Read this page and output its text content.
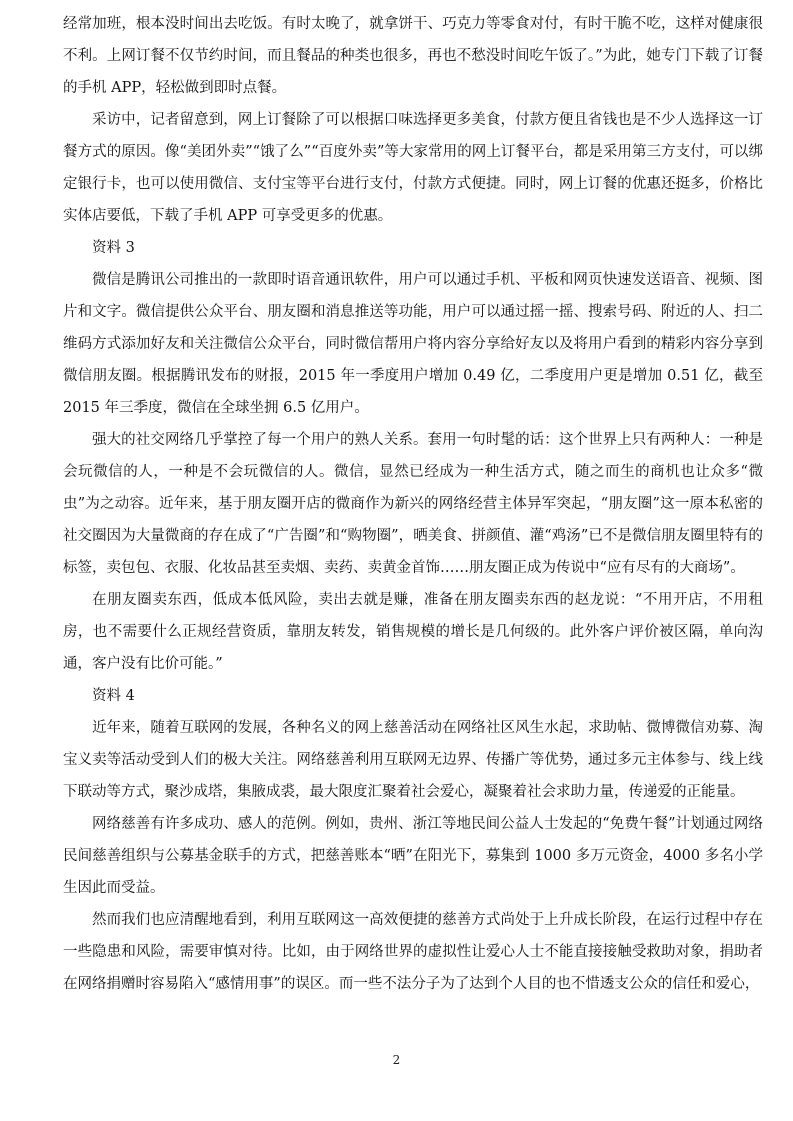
经常加班，根本没时间出去吃饭。有时太晚了，就拿饼干、巧克力等零食对付，有时干脆不吃，这样对健康很不利。上网订餐不仅节约时间，而且餐品的种类也很多，再也不愁没时间吃午饭了。”为此，她专门下载了订餐的手机 APP，轻松做到即时点餐。

采访中，记者留意到，网上订餐除了可以根据口味选择更多美食，付款方便且省钱也是不少人选择这一订餐方式的原因。像“美团外卖”“饿了么”“百度外卖”等大家常用的网上订餐平台，都是采用第三方支付，可以绑定银行卡，也可以使用微信、支付宝等平台进行支付，付款方式便捷。同时，网上订餐的优惠还挺多，价格比实体店要低，下载了手机 APP 可享受更多的优惠。

资料 3

微信是腾讯公司推出的一款即时语音通讯软件，用户可以通过手机、平板和网页快速发送语音、视频、图片和文字。微信提供公众平台、朋友圈和消息推送等功能，用户可以通过摇一摇、搜索号码、附近的人、扫二维码方式添加好友和关注微信公众平台，同时微信帮用户将内容分享给好友以及将用户看到的精彩内容分享到微信朋友圈。根据腾讯发布的财报，2015 年一季度用户增加 0.49 亿，二季度用户更是增加 0.51 亿，截至 2015 年三季度，微信在全球坐拥 6.5 亿用户。

强大的社交网络几乎掌控了每一个用户的熟人关系。套用一句时髦的话：这个世界上只有两种人：一种是会玩微信的人，一种是不会玩微信的人。微信，显然已经成为一种生活方式，随之而生的商机也让众多“微虫”为之动容。近年来，基于朋友圈开店的微商作为新兴的网络经营主体异军突起，“朋友圈”这一原本私密的社交圈因为大量微商的存在成了“广告圈”和“购物圈”，晒美食、拼颜值、灌“鸡汤”已不是微信朋友圈里特有的标签，卖包包、衣服、化妆品甚至卖烟、卖药、卖黄金首饰……朋友圈正成为传说中“应有尽有的大商场”。

在朋友圈卖东西，低成本低风险，卖出去就是赚，准备在朋友圈卖东西的赵龙说：“不用开店，不用租房，也不需要什么正规经营资质，靠朋友转发，销售规模的增长是几何级的。此外客户评价被区隔，单向沟通，客户没有比价可能。”

资料 4

近年来，随着互联网的发展，各种名义的网上慈善活动在网络社区风生水起，求助帖、微博微信劝募、淘宝义卖等活动受到人们的极大关注。网络慈善利用互联网无边界、传播广等优势，通过多元主体参与、线上线下联动等方式，聚沙成塔，集腋成裘，最大限度汇聚着社会爱心，凝聚着社会求助力量，传递爱的正能量。

网络慈善有许多成功、感人的范例。例如，贵州、浙江等地民间公益人士发起的“免费午餐”计划通过网络民间慈善组织与公募基金联手的方式，把慈善账本“晒”在阳光下，募集到 1000 多万元资金，4000 多名小学生因此而受益。

然而我们也应清醒地看到，利用互联网这一高效便捷的慈善方式尚处于上升成长阶段，在运行过程中存在一些隐患和风险，需要审慎对待。比如，由于网络世界的虚拟性让爱心人士不能直接接触受救助对象，捐助者在网络捐赠时容易陷入“感情用事”的误区。而一些不法分子为了达到个人目的也不惜透支公众的信任和爱心，

2
